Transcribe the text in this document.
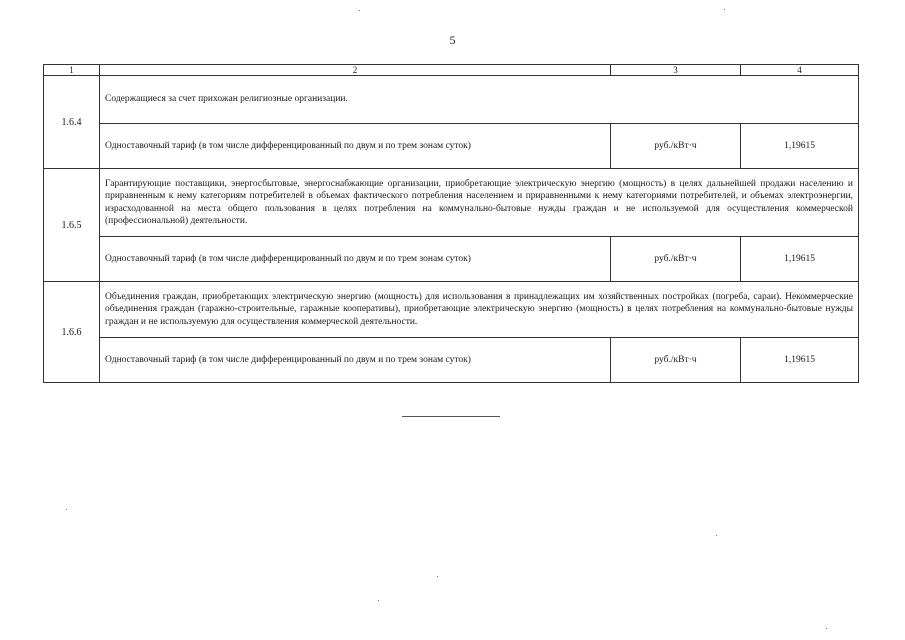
5
1	2	3	4
1.6.4	Содержащиеся за счет прихожан религиозные организации.		
	Одноставочный тариф (в том числе дифференцированный по двум и по трем зонам суток)	руб./кВт·ч	1,19615
1.6.5	Гарантирующие поставщики, энергосбытовые, энергоснабжающие организации, приобретающие электрическую энергию (мощность) в целях дальнейшей продажи населению и приравненным к нему категориям потребителей в объемах фактического потребления населением и приравненными к нему категориями потребителей, и объемах электроэнергии, израсходованной на места общего пользования в целях потребления на коммунально-бытовые нужды граждан и не используемой для осуществления коммерческой (профессиональной) деятельности.		
	Одноставочный тариф (в том числе дифференцированный по двум и по трем зонам суток)	руб./кВт·ч	1,19615
1.6.6	Объединения граждан, приобретающих электрическую энергию (мощность) для использования в принадлежащих им хозяйственных постройках (погреба, сараи). Некоммерческие объединения граждан (гаражно-строительные, гаражные кооперативы), приобретающие электрическую энергию (мощность) в целях потребления на коммунально-бытовые нужды граждан и не используемую для осуществления коммерческой деятельности.		
	Одноставочный тариф (в том числе дифференцированный по двум и по трем зонам суток)	руб./кВт·ч	1,19615
